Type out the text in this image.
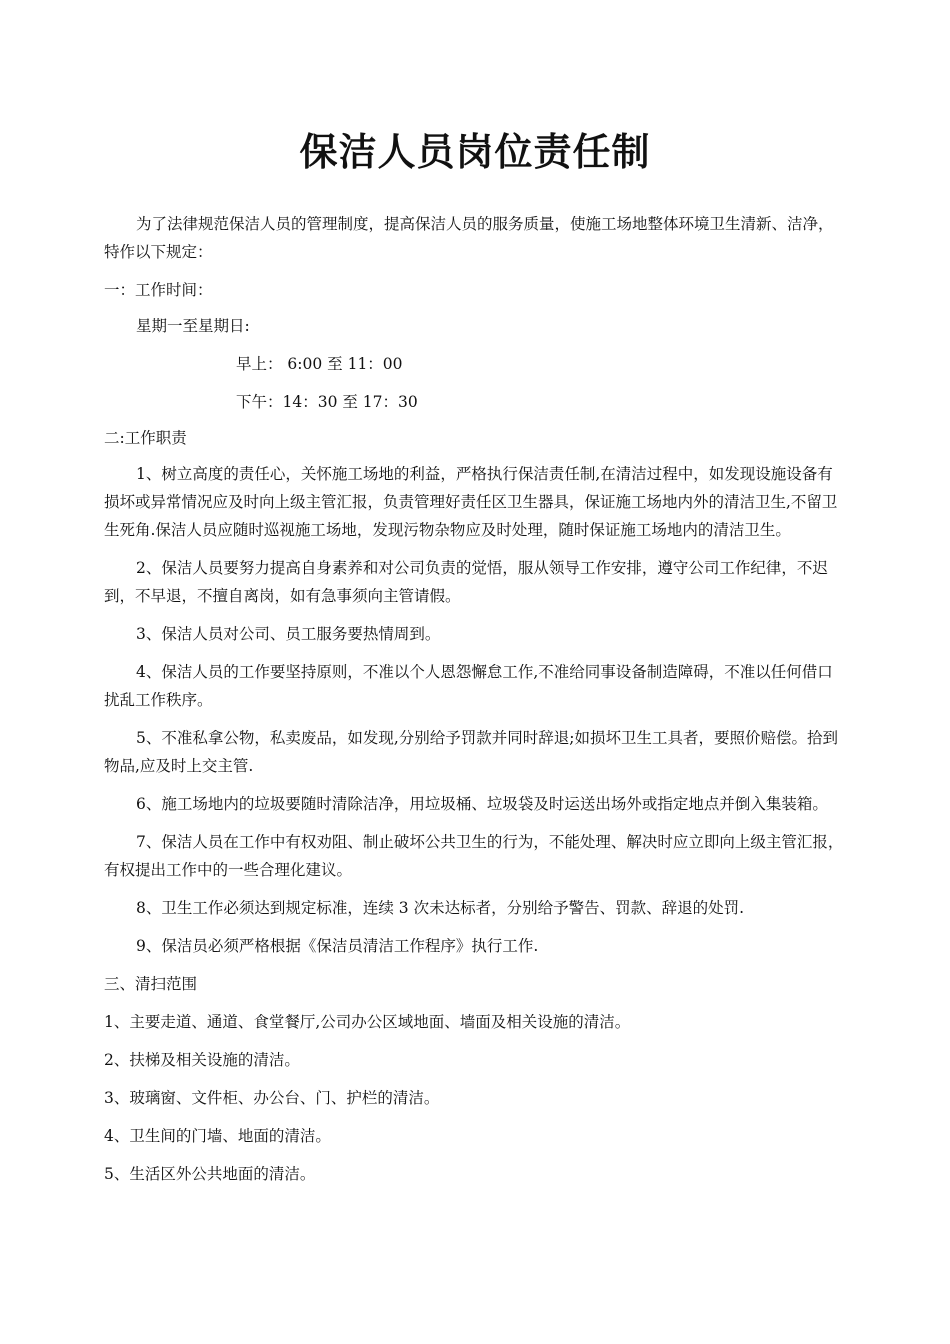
保洁人员岗位责任制

为了法律规范保洁人员的管理制度，提高保洁人员的服务质量，使施工场地整体环境卫生清新、洁净，特作以下规定：

一：工作时间：

星期一至星期日:

早上： 6:00 至 11：00

下午：14：30 至 17：30

二:工作职责

1、树立高度的责任心，关怀施工场地的利益，严格执行保洁责任制,在清洁过程中，如发现设施设备有损坏或异常情况应及时向上级主管汇报，负责管理好责任区卫生器具，保证施工场地内外的清洁卫生,不留卫生死角.保洁人员应随时巡视施工场地，发现污物杂物应及时处理，随时保证施工场地内的清洁卫生。

2、保洁人员要努力提高自身素养和对公司负责的觉悟，服从领导工作安排，遵守公司工作纪律，不迟到，不早退，不擅自离岗，如有急事须向主管请假。

3、保洁人员对公司、员工服务要热情周到。

4、保洁人员的工作要坚持原则，不准以个人恩怨懈怠工作,不准给同事设备制造障碍，不准以任何借口扰乱工作秩序。

5、不准私拿公物，私卖废品，如发现,分别给予罚款并同时辞退;如损坏卫生工具者，要照价赔偿。拾到物品,应及时上交主管.

6、施工场地内的垃圾要随时清除洁净，用垃圾桶、垃圾袋及时运送出场外或指定地点并倒入集装箱。

7、保洁人员在工作中有权劝阻、制止破坏公共卫生的行为，不能处理、解决时应立即向上级主管汇报，有权提出工作中的一些合理化建议。

8、卫生工作必须达到规定标准，连续 3 次未达标者，分别给予警告、罚款、辞退的处罚.

9、保洁员必须严格根据《保洁员清洁工作程序》执行工作.

三、清扫范围

1、主要走道、通道、食堂餐厅,公司办公区域地面、墙面及相关设施的清洁。

2、扶梯及相关设施的清洁。

3、玻璃窗、文件柜、办公台、门、护栏的清洁。

4、卫生间的门墙、地面的清洁。

5、生活区外公共地面的清洁。
